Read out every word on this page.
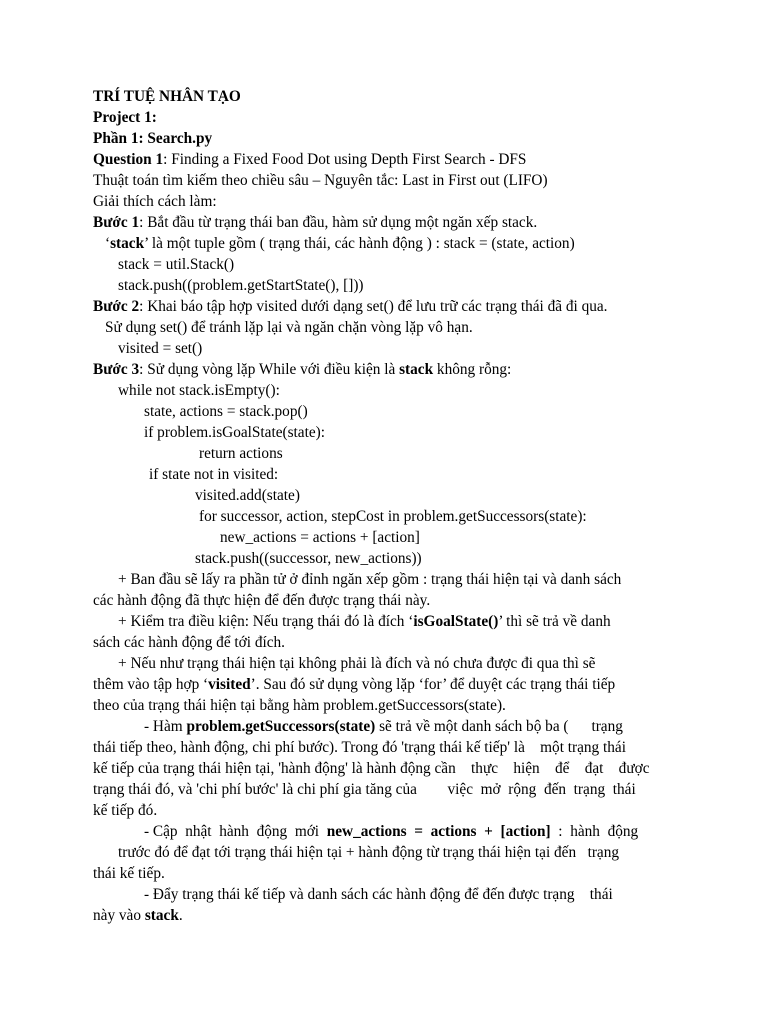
TRÍ TUỆ NHÂN TẠO
Project 1:
Phần 1: Search.py
Question 1: Finding a Fixed Food Dot using Depth First Search - DFS
Thuật toán tìm kiếm theo chiều sâu – Nguyên tắc: Last in First out (LIFO)
Giải thích cách làm:
Bước 1: Bắt đầu từ trạng thái ban đầu, hàm sử dụng một ngăn xếp stack.
‘stack’ là một tuple gồm ( trạng thái, các hành động ) : stack = (state, action)
stack = util.Stack()
stack.push((problem.getStartState(), []))
Bước 2: Khai báo tập hợp visited dưới dạng set() để lưu trữ các trạng thái đã đi qua.
Sử dụng set() để tránh lặp lại và ngăn chặn vòng lặp vô hạn.
visited = set()
Bước 3: Sử dụng vòng lặp While với điều kiện là stack không rỗng:
while not stack.isEmpty():
state, actions = stack.pop()
if problem.isGoalState(state):
return actions
if state not in visited:
visited.add(state)
for successor, action, stepCost in problem.getSuccessors(state):
new_actions = actions + [action]
stack.push((successor, new_actions))
+ Ban đầu sẽ lấy ra phần tử ở đỉnh ngăn xếp gồm : trạng thái hiện tại và danh sách
các hành động đã thực hiện để đến được trạng thái này.
+ Kiểm tra điều kiện: Nếu trạng thái đó là đích ‘isGoalState()’ thì sẽ trả về danh
sách các hành động để tới đích.
+ Nếu như trạng thái hiện tại không phải là đích và nó chưa được đi qua thì sẽ
thêm vào tập hợp ‘visited’. Sau đó sử dụng vòng lặp ‘for’ để duyệt các trạng thái tiếp
theo của trạng thái hiện tại bằng hàm problem.getSuccessors(state).
- Hàm problem.getSuccessors(state) sẽ trả về một danh sách bộ ba (      trạng
thái tiếp theo, hành động, chi phí bước). Trong đó 'trạng thái kế tiếp' là    một trạng thái
kế tiếp của trạng thái hiện tại, 'hành động' là hành động cần    thực    hiện    để    đạt    được
trạng thái đó, và 'chi phí bước' là chi phí gia tăng của        việc  mở  rộng  đến  trạng  thái
kế tiếp đó.
- Cập  nhật  hành  động  mới  new_actions  =  actions  +  [action]  :  hành  động
trước đó để đạt tới trạng thái hiện tại + hành động từ trạng thái hiện tại đến   trạng
thái kế tiếp.
- Đẩy trạng thái kế tiếp và danh sách các hành động để đến được trạng    thái
này vào stack.
